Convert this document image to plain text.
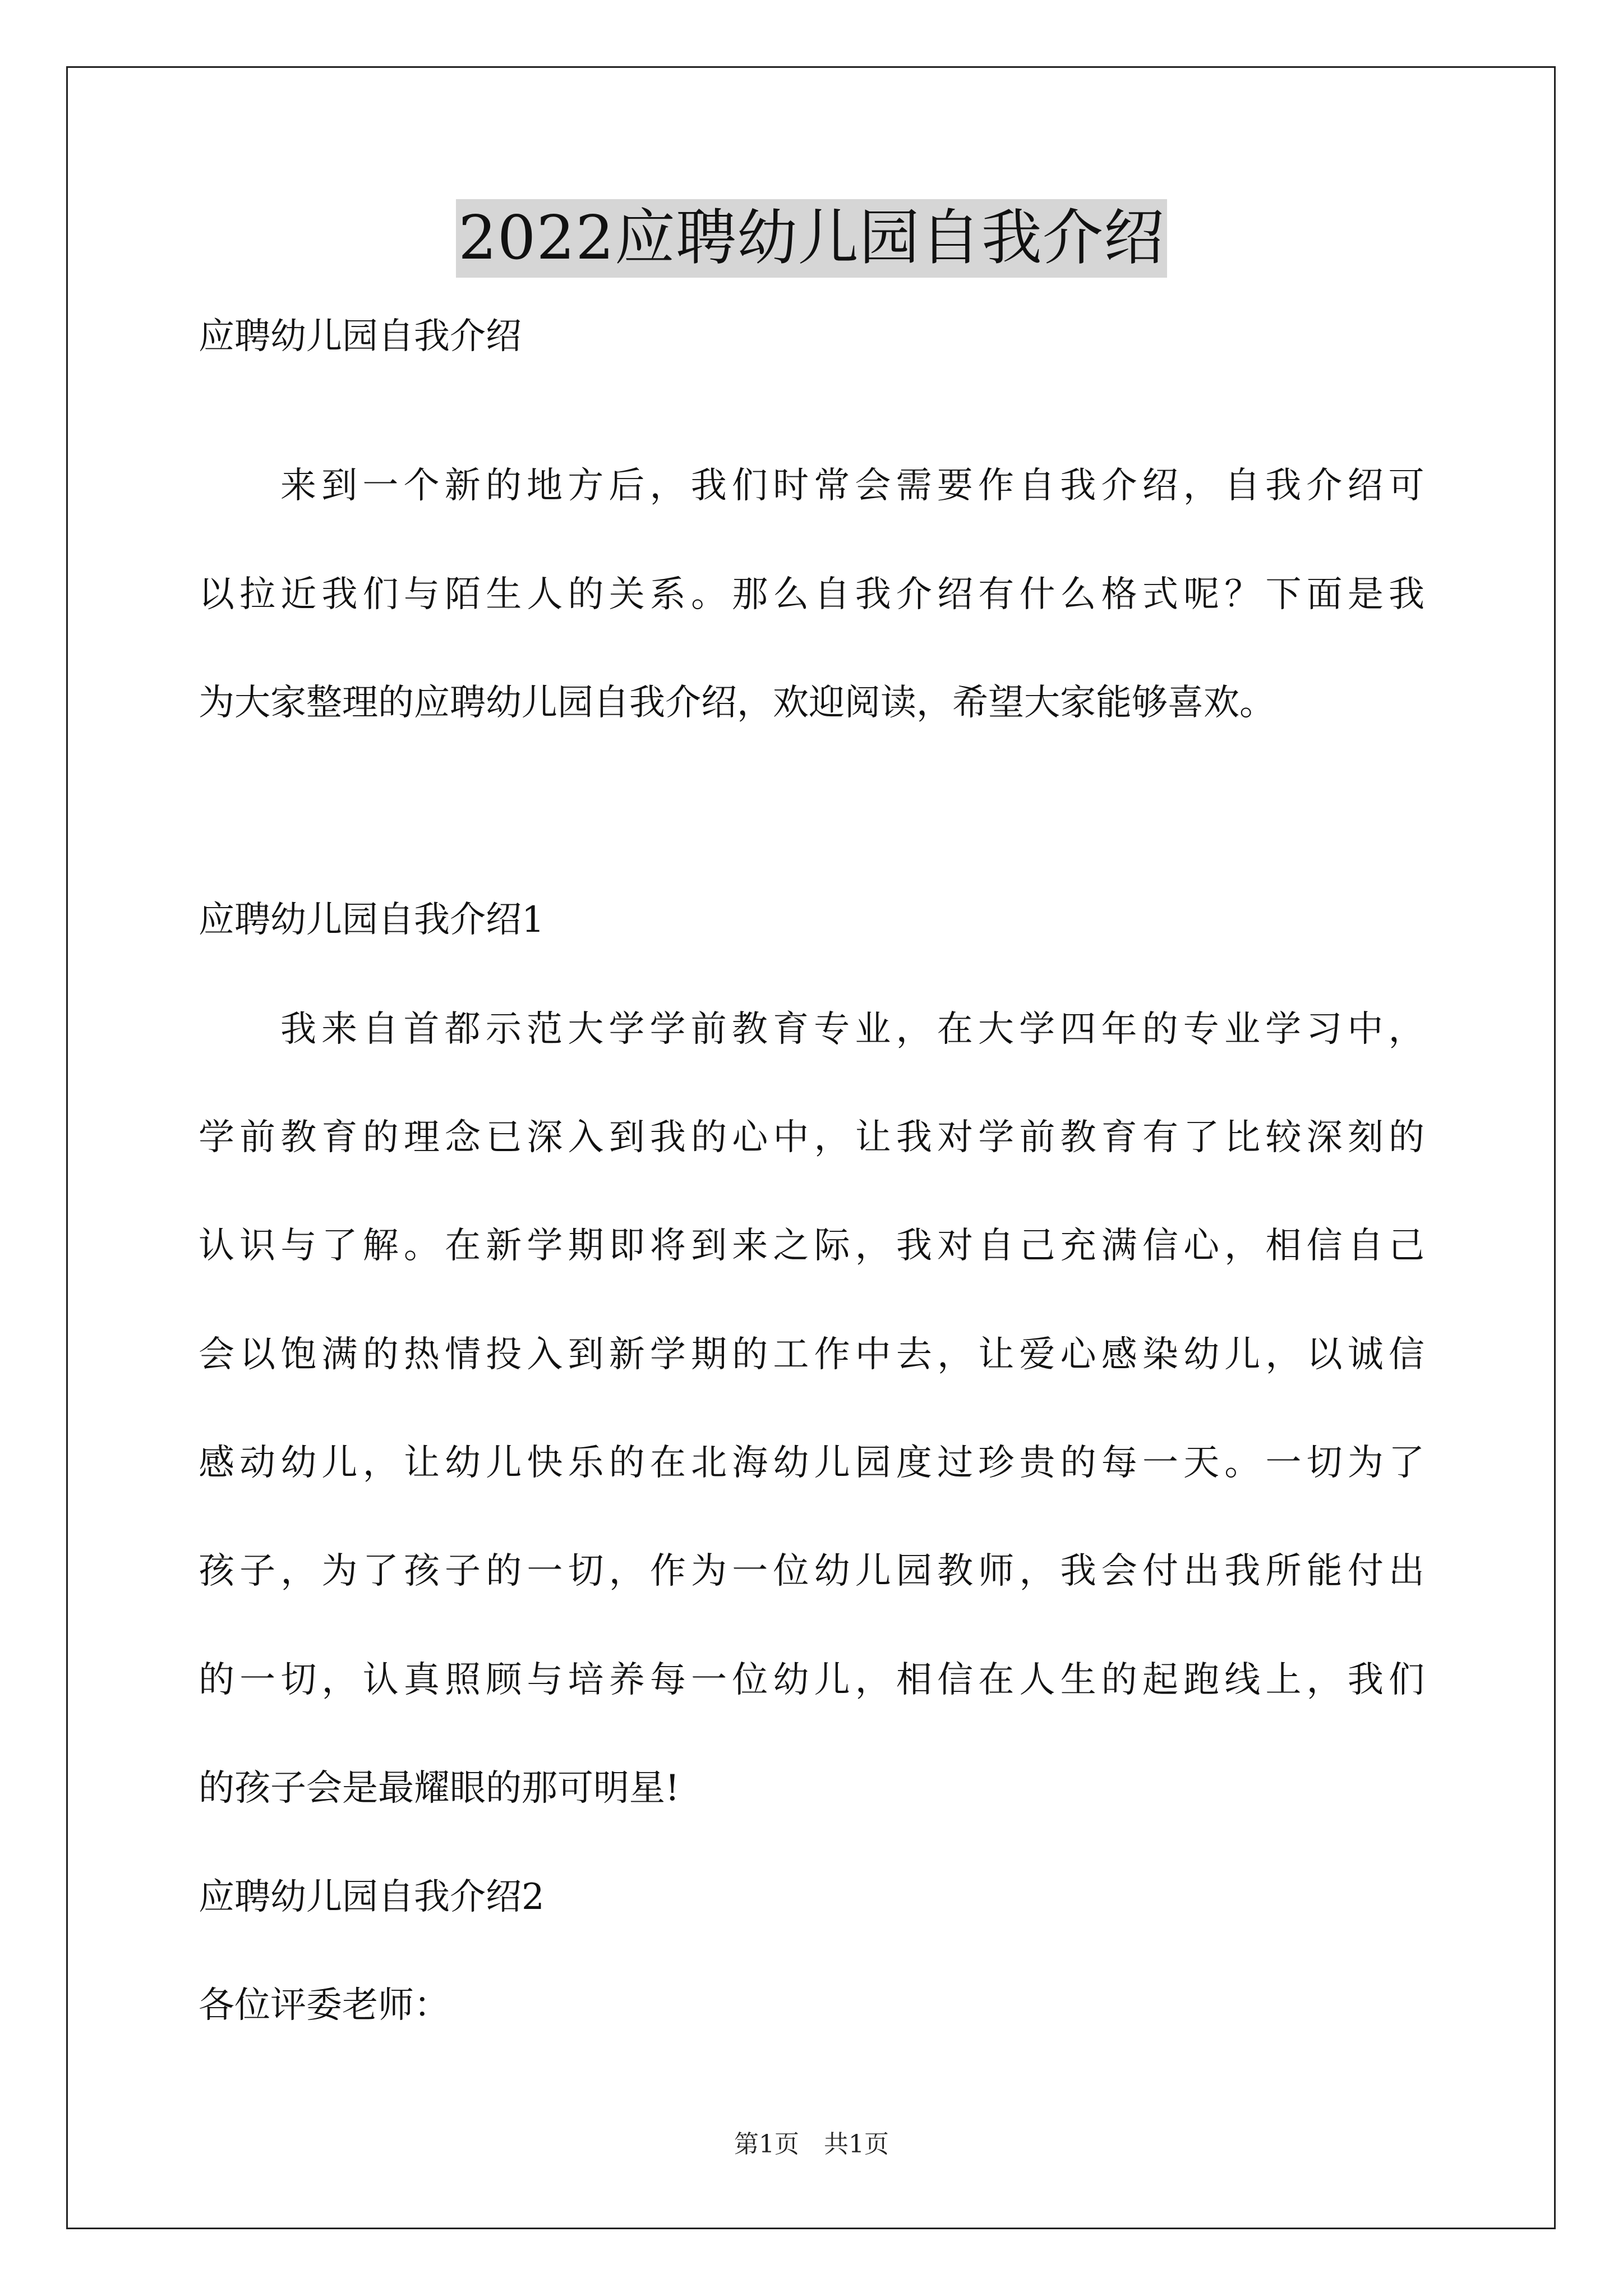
2022应聘幼儿园自我介绍
应聘幼儿园自我介绍
来 到 一 个 新 的 地 方 后 ， 我 们 时 常 会 需 要 作 自 我 介 绍 ， 自 我 介 绍 可
以 拉 近 我 们 与 陌 生 人 的 关 系 。 那 么 自 我 介 绍 有 什 么 格 式 呢 ？ 下 面 是 我
为大家整理的应聘幼儿园自我介绍，欢迎阅读，希望大家能够喜欢。
应聘幼儿园自我介绍1
我 来 自 首 都 示 范 大 学 学 前 教 育 专 业 ， 在 大 学 四 年 的 专 业 学 习 中 ，
学 前 教 育 的 理 念 已 深 入 到 我 的 心 中 ， 让 我 对 学 前 教 育 有 了 比 较 深 刻 的
认 识 与 了 解 。 在 新 学 期 即 将 到 来 之 际 ， 我 对 自 己 充 满 信 心 ， 相 信 自 己
会 以 饱 满 的 热 情 投 入 到 新 学 期 的 工 作 中 去 ， 让 爱 心 感 染 幼 儿 ， 以 诚 信
感 动 幼 儿 ， 让 幼 儿 快 乐 的 在 北 海 幼 儿 园 度 过 珍 贵 的 每 一 天 。 一 切 为 了
孩 子 ， 为 了 孩 子 的 一 切 ， 作 为 一 位 幼 儿 园 教 师 ， 我 会 付 出 我 所 能 付 出
的 一 切 ， 认 真 照 顾 与 培 养 每 一 位 幼 儿 ， 相 信 在 人 生 的 起 跑 线 上 ， 我 们
的孩子会是最耀眼的那可明星!
应聘幼儿园自我介绍2
各位评委老师：
第1页　共1页
